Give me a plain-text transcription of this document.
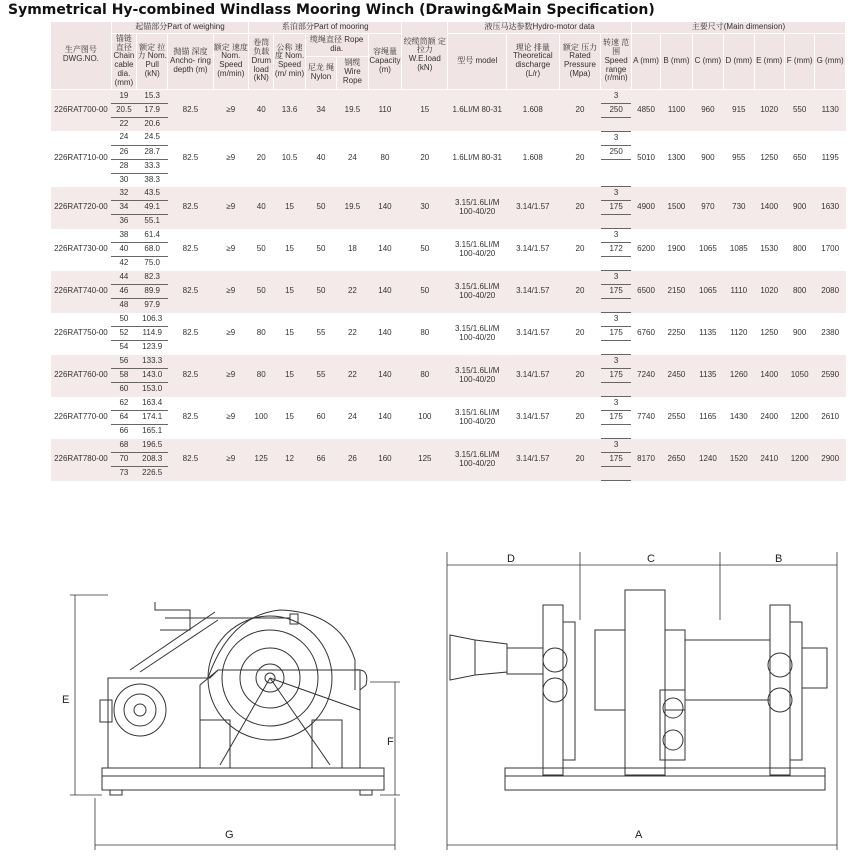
Symmetrical Hy-combined Windlass Mooring Winch (Drawing&Main Specification)
生产图号 DWG.NO.	起锚部分Part of weighing				系泊部分Part of mooring					绞缆筒额 定拉力 W.E.load (kN)	液压马达参数Hydro-motor data				主要尺寸(Main dimension)						
	锚链 直径 Chain cable dia. (mm)	额定 拉力 Nom. Pull (kN)	抛锚 深度 Ancho- ring depth (m)	额定 速度 Nom. Speed (m/min)	卷筒 负载 Drum load (kN)	公称 速度 Nom. Speed (m/ min)	缆绳直径 Rope dia.		容绳量 Capacity (m)		型号 model	理论 排量 Theoretical discharge (L/r)	额定 压力 Rated Pressure (Mpa)	转速 范围 Speed range (r/min)	A (mm)	B (mm)	C (mm)	D (mm)	E (mm)	F (mm)	G (mm)
							尼龙 绳 Nylon	钢缆 Wire Rope													
226RAT700-00	19	15.3	82.5	≥9	40	13.6	34	19.5	110	15	1.6LI/M 80-31	1.608	20	3	4850	1100	960	915	1020	550	1130
	20.5	17.9												250							
	22	20.6																			
226RAT710-00	24	24.5	82.5	≥9	20	10.5	40	24	80	20	1.6LI/M 80-31	1.608	20	3	5010	1300	900	955	1250	650	1195
	26	28.7												250							
	28	33.3																			
	30	38.3																			
226RAT720-00	32	43.5	82.5	≥9	40	15	50	19.5	140	30	3.15/1.6LI/M 100-40/20	3.14/1.57	20	3	4900	1500	970	730	1400	900	1630
	34	49.1												175							
	36	55.1																			
226RAT730-00	38	61.4	82.5	≥9	50	15	50	18	140	50	3.15/1.6LI/M 100-40/20	3.14/1.57	20	3	6200	1900	1065	1085	1530	800	1700
	40	68.0												172							
	42	75.0																			
226RAT740-00	44	82.3	82.5	≥9	50	15	50	22	140	50	3.15/1.6LI/M 100-40/20	3.14/1.57	20	3	6500	2150	1065	1110	1020	800	2080
	46	89.9												175							
	48	97.9																			
226RAT750-00	50	106.3	82.5	≥9	80	15	55	22	140	80	3.15/1.6LI/M 100-40/20	3.14/1.57	20	3	6760	2250	1135	1120	1250	900	2380
	52	114.9												175							
	54	123.9																			
226RAT760-00	56	133.3	82.5	≥9	80	15	55	22	140	80	3.15/1.6LI/M 100-40/20	3.14/1.57	20	3	7240	2450	1135	1260	1400	1050	2590
	58	143.0												175							
	60	153.0																			
226RAT770-00	62	163.4	82.5	≥9	100	15	60	24	140	100	3.15/1.6LI/M 100-40/20	3.14/1.57	20	3	7740	2550	1165	1430	2400	1200	2610
	64	174.1												175							
	66	165.1																			
226RAT780-00	68	196.5	82.5	≥9	125	12	66	26	160	125	3.15/1.6LI/M 100-40/20	3.14/1.57	20	3	8170	2650	1240	1520	2410	1200	2900
	70	208.3												175							
	73	226.5																			
E
F
G
D	C	B
A
